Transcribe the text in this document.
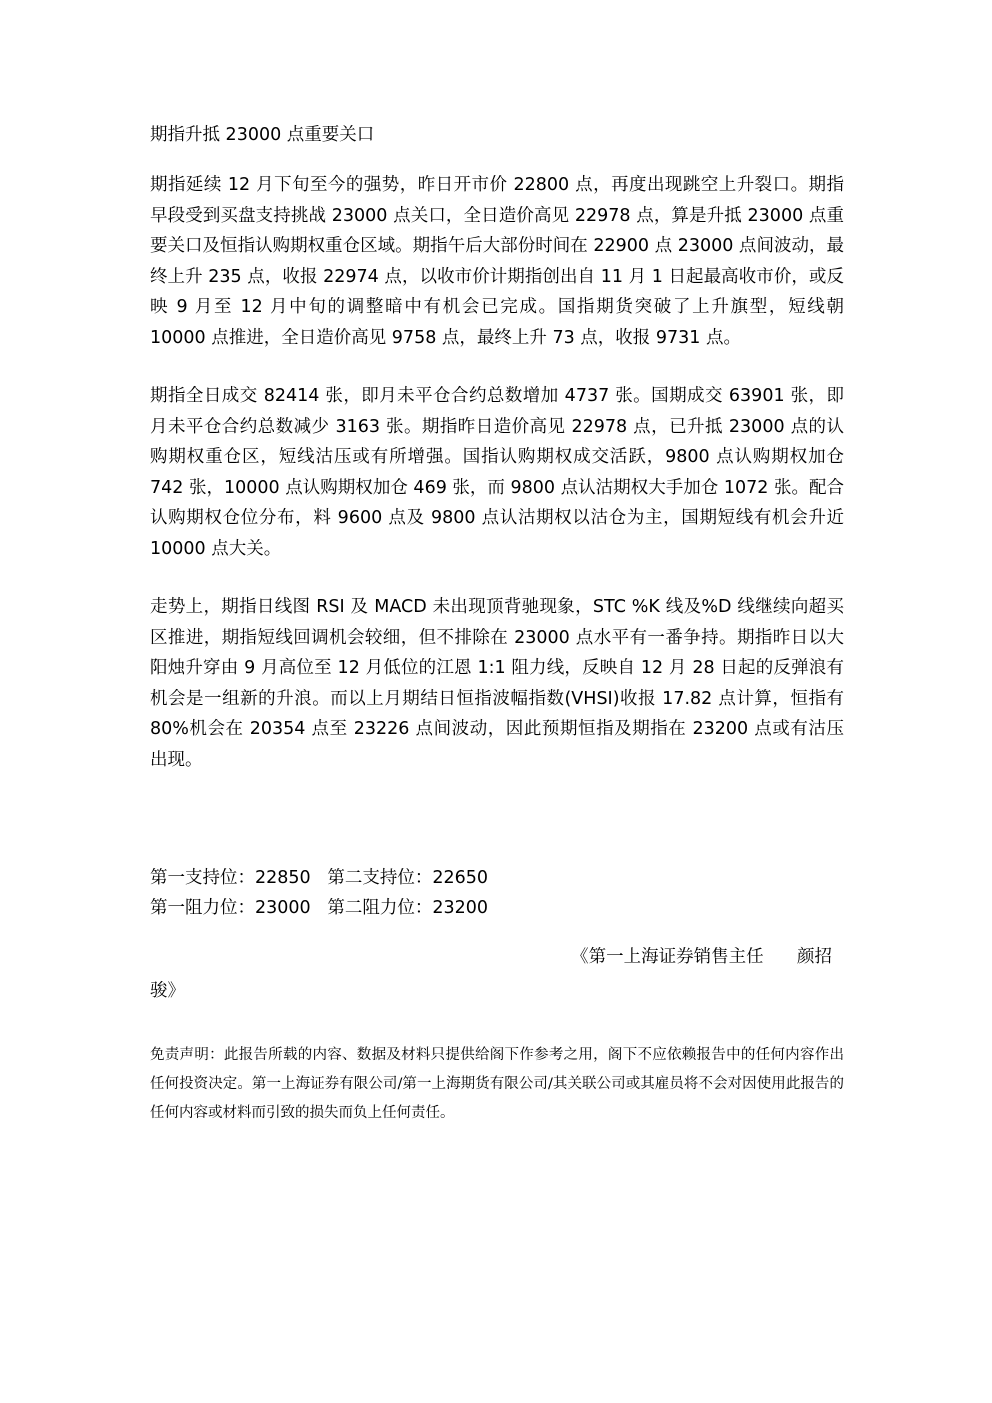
期指升抵 23000 点重要关口

期指延续 12 月下旬至今的强势，昨日开市价 22800 点，再度出现跳空上升裂口。期指早段受到买盘支持挑战 23000 点关口，全日造价高见 22978 点，算是升抵 23000 点重要关口及恒指认购期权重仓区域。期指午后大部份时间在 22900 点 23000 点间波动，最终上升 235 点，收报 22974 点，以收市价计期指创出自 11 月 1 日起最高收市价，或反映 9 月至 12 月中旬的调整暗中有机会已完成。国指期货突破了上升旗型，短线朝 10000 点推进，全日造价高见 9758 点，最终上升 73 点，收报 9731 点。

期指全日成交 82414 张，即月未平仓合约总数增加 4737 张。国期成交 63901 张，即月未平仓合约总数减少 3163 张。期指昨日造价高见 22978 点，已升抵 23000 点的认购期权重仓区，短线沽压或有所增强。国指认购期权成交活跃，9800 点认购期权加仓 742 张，10000 点认购期权加仓 469 张，而 9800 点认沽期权大手加仓 1072 张。配合认购期权仓位分布，料 9600 点及 9800 点认沽期权以沽仓为主，国期短线有机会升近 10000 点大关。

走势上，期指日线图 RSI 及 MACD 未出现顶背驰现象，STC %K 线及%D 线继续向超买区推进，期指短线回调机会较细，但不排除在 23000 点水平有一番争持。期指昨日以大阳烛升穿由 9 月高位至 12 月低位的江恩 1:1 阻力线，反映自 12 月 28 日起的反弹浪有机会是一组新的升浪。而以上月期结日恒指波幅指数(VHSI)收报 17.82 点计算，恒指有 80%机会在 20354 点至 23226 点间波动，因此预期恒指及期指在 23200 点或有沽压出现。

第一支持位：22850   第二支持位：22650
第一阻力位：23000   第二阻力位：23200
《第一上海证券销售主任      颜招
骏》

免责声明：此报告所载的内容、数据及材料只提供给阁下作参考之用，阁下不应依赖报告中的任何内容作出任何投资决定。第一上海证券有限公司/第一上海期货有限公司/其关联公司或其雇员将不会对因使用此报告的任何内容或材料而引致的损失而负上任何责任。
